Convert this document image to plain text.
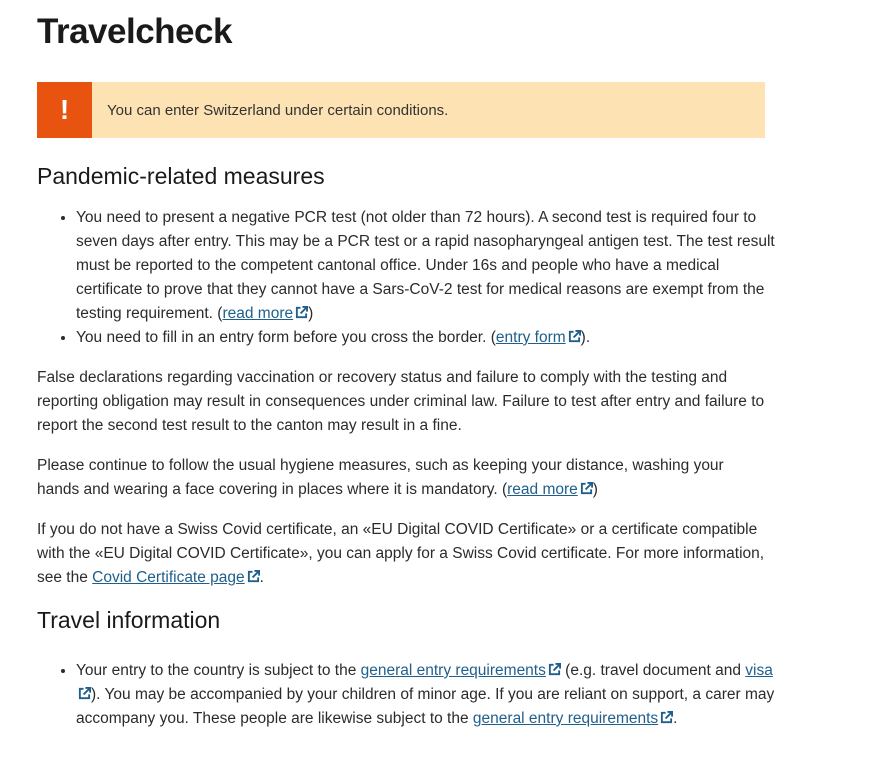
Travelcheck
!	You can enter Switzerland under certain conditions.
Pandemic-related measures
• You need to present a negative PCR test (not older than 72 hours). A second test is required four to seven days after entry. This may be a PCR test or a rapid nasopharyngeal antigen test. The test result must be reported to the competent cantonal office. Under 16s and people who have a medical certificate to prove that they cannot have a Sars-CoV-2 test for medical reasons are exempt from the testing requirement. (read more )
• You need to fill in an entry form before you cross the border. (entry form ).

False declarations regarding vaccination or recovery status and failure to comply with the testing and reporting obligation may result in consequences under criminal law. Failure to test after entry and failure to report the second test result to the canton may result in a fine.

Please continue to follow the usual hygiene measures, such as keeping your distance, washing your hands and wearing a face covering in places where it is mandatory. (read more )

If you do not have a Swiss Covid certificate, an «EU Digital COVID Certificate» or a certificate compatible with the «EU Digital COVID Certificate», you can apply for a Swiss Covid certificate. For more information, see the Covid Certificate page .

Travel information
• Your entry to the country is subject to the general entry requirements (e.g. travel document and visa). You may be accompanied by your children of minor age. If you are reliant on support, a carer may accompany you. These people are likewise subject to the general entry requirements .
